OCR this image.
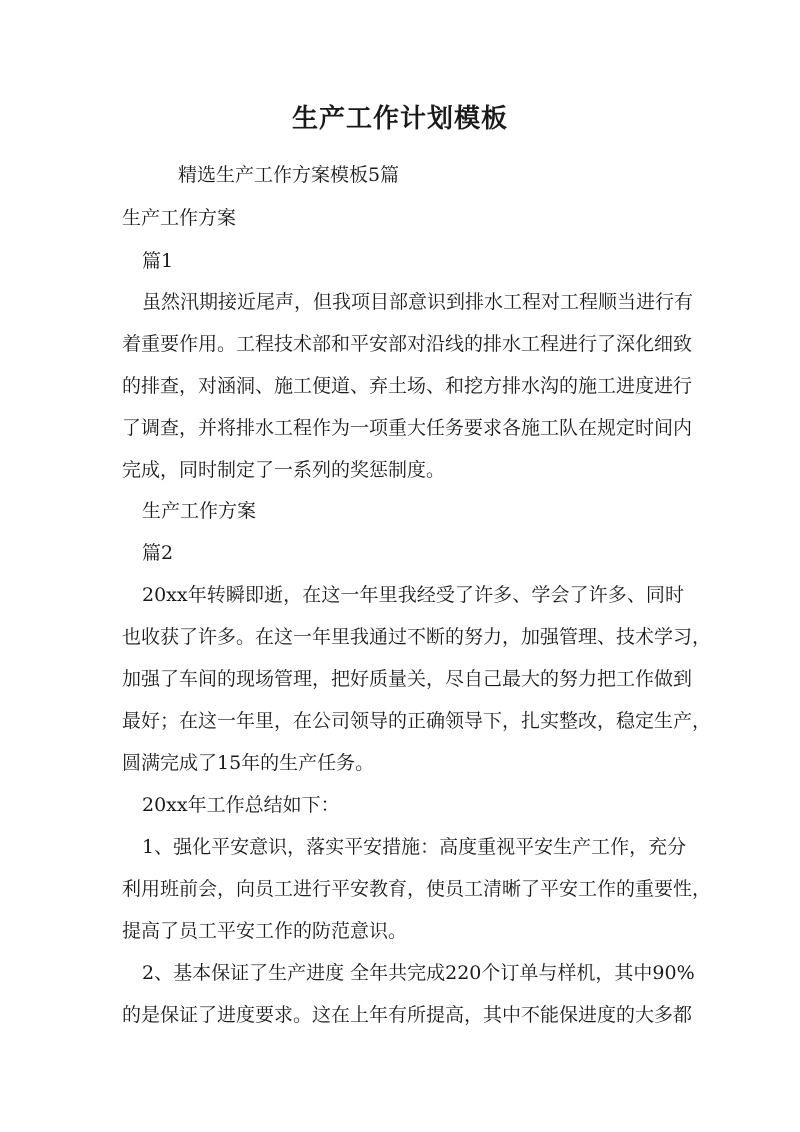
生产工作计划模板
精选生产工作方案模板5篇
生产工作方案
篇1
虽然汛期接近尾声，但我项目部意识到排水工程对工程顺当进行有
着重要作用。工程技术部和平安部对沿线的排水工程进行了深化细致
的排查，对涵洞、施工便道、弃土场、和挖方排水沟的施工进度进行
了调查，并将排水工程作为一项重大任务要求各施工队在规定时间内
完成，同时制定了一系列的奖惩制度。
生产工作方案
篇2
20xx年转瞬即逝，在这一年里我经受了许多、学会了许多、同时
也收获了许多。在这一年里我通过不断的努力，加强管理、技术学习，
加强了车间的现场管理，把好质量关，尽自己最大的努力把工作做到
最好；在这一年里，在公司领导的正确领导下，扎实整改，稳定生产，
圆满完成了15年的生产任务。
20xx年工作总结如下：
1、强化平安意识，落实平安措施：高度重视平安生产工作，充分
利用班前会，向员工进行平安教育，使员工清晰了平安工作的重要性，
提高了员工平安工作的防范意识。
2、基本保证了生产进度 全年共完成220个订单与样机，其中90%
的是保证了进度要求。这在上年有所提高，其中不能保进度的大多都
